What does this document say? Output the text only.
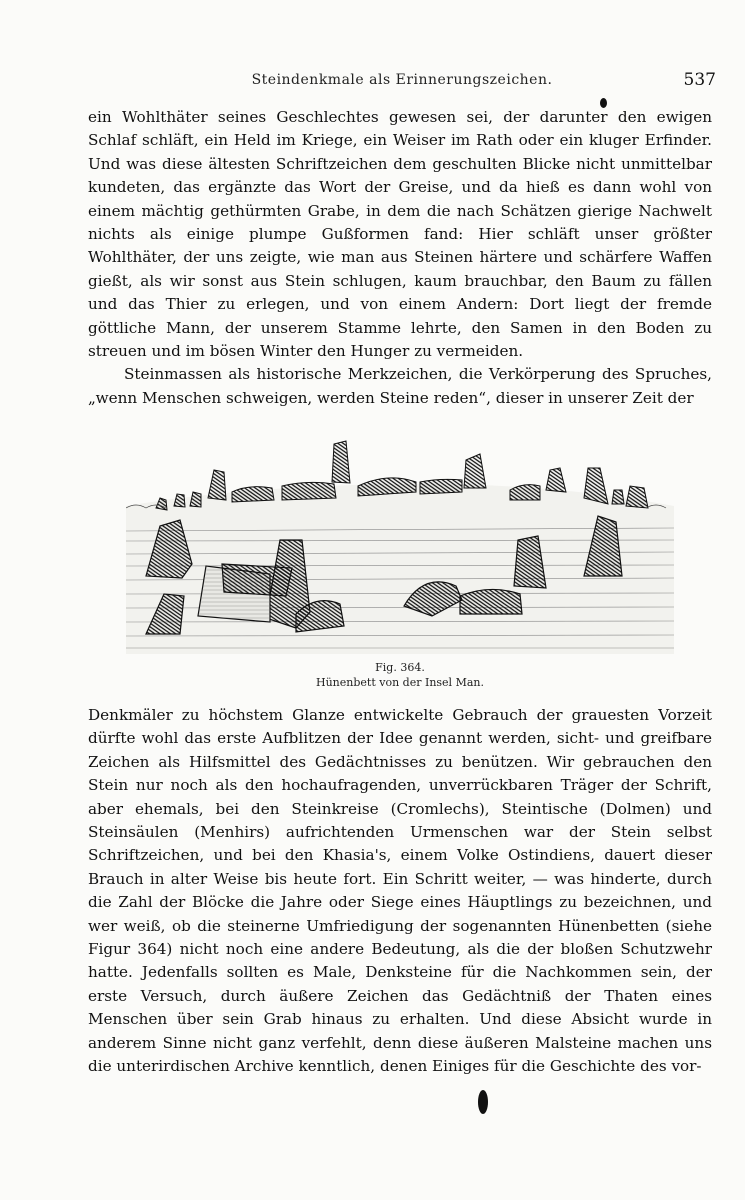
Steindenkmale als Erinnerungszeichen.	537

ein Wohlthäter seines Geschlechtes gewesen sei, der darunter den ewigen Schlaf schläft, ein Held im Kriege, ein Weiser im Rath oder ein kluger Erfinder. Und was diese ältesten Schriftzeichen dem geschulten Blicke nicht unmittelbar kundeten, das ergänzte das Wort der Greise, und da hieß es dann wohl von einem mächtig gethürmten Grabe, in dem die nach Schätzen gierige Nachwelt nichts als einige plumpe Gußformen fand: Hier schläft unser größter Wohlthäter, der uns zeigte, wie man aus Steinen härtere und schärfere Waffen gießt, als wir sonst aus Stein schlugen, kaum brauchbar, den Baum zu fällen und das Thier zu erlegen, und von einem Andern: Dort liegt der fremde göttliche Mann, der unserem Stamme lehrte, den Samen in den Boden zu streuen und im bösen Winter den Hunger zu vermeiden.

Steinmassen als historische Merkzeichen, die Verkörperung des Spruches, „wenn Menschen schweigen, werden Steine reden“, dieser in unserer Zeit der

Fig. 364.
Hünenbett von der Insel Man.

Denkmäler zu höchstem Glanze entwickelte Gebrauch der grauesten Vorzeit dürfte wohl das erste Aufblitzen der Idee genannt werden, sicht- und greifbare Zeichen als Hilfsmittel des Gedächtnisses zu benützen. Wir gebrauchen den Stein nur noch als den hochaufragenden, unverrückbaren Träger der Schrift, aber ehemals, bei den Steinkreise (Cromlechs), Steintische (Dolmen) und Steinsäulen (Menhirs) aufrichtenden Urmenschen war der Stein selbst Schriftzeichen, und bei den Khasia's, einem Volke Ostindiens, dauert dieser Brauch in alter Weise bis heute fort. Ein Schritt weiter, — was hinderte, durch die Zahl der Blöcke die Jahre oder Siege eines Häuptlings zu bezeichnen, und wer weiß, ob die steinerne Umfriedigung der sogenannten Hünenbetten (siehe Figur 364) nicht noch eine andere Bedeutung, als die der bloßen Schutzwehr hatte. Jedenfalls sollten es Male, Denksteine für die Nachkommen sein, der erste Versuch, durch äußere Zeichen das Gedächtniß der Thaten eines Menschen über sein Grab hinaus zu erhalten. Und diese Absicht wurde in anderem Sinne nicht ganz verfehlt, denn diese äußeren Malsteine machen uns die unterirdischen Archive kenntlich, denen Einiges für die Geschichte des vor-
